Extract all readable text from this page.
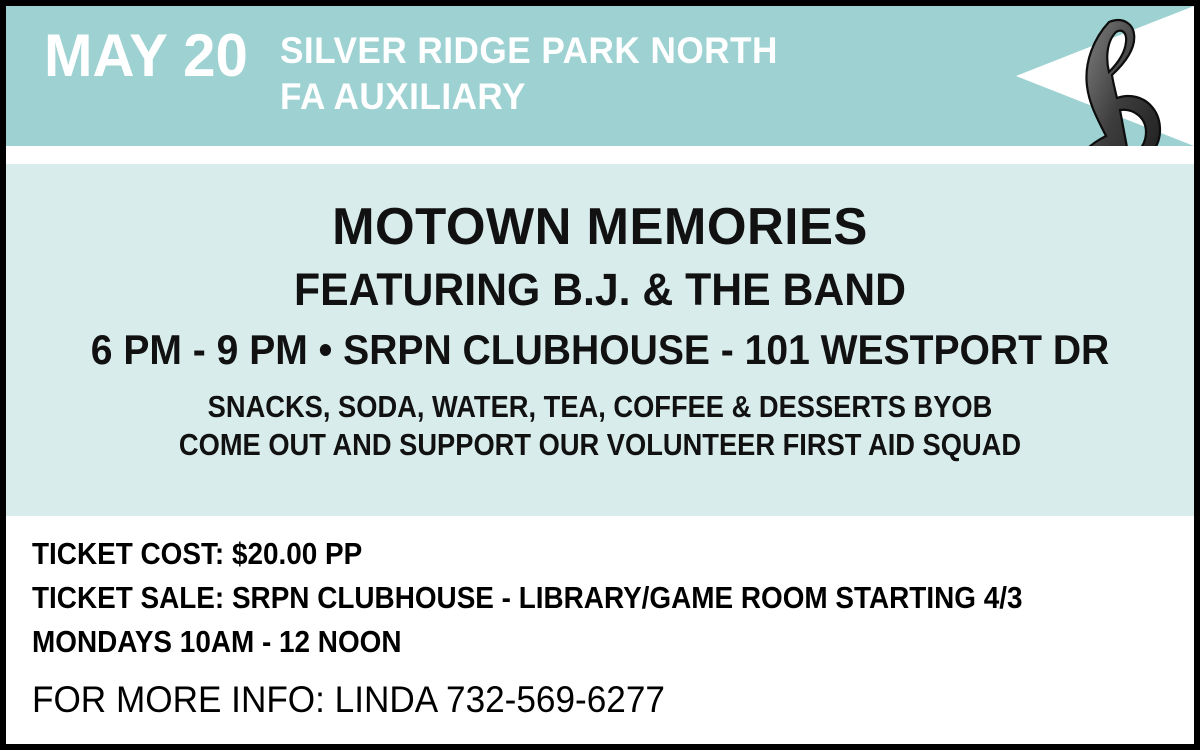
MAY 20 SILVER RIDGE PARK NORTH
FA AUXILIARY
MOTOWN MEMORIES
FEATURING B.J. & THE BAND
6 PM - 9 PM • SRPN CLUBHOUSE - 101 WESTPORT DR
SNACKS, SODA, WATER, TEA, COFFEE & DESSERTS BYOB
COME OUT AND SUPPORT OUR VOLUNTEER FIRST AID SQUAD
TICKET COST: $20.00 PP
TICKET SALE: SRPN CLUBHOUSE - LIBRARY/GAME ROOM STARTING 4/3
MONDAYS 10AM - 12 NOON
FOR MORE INFO: LINDA 732-569-6277
